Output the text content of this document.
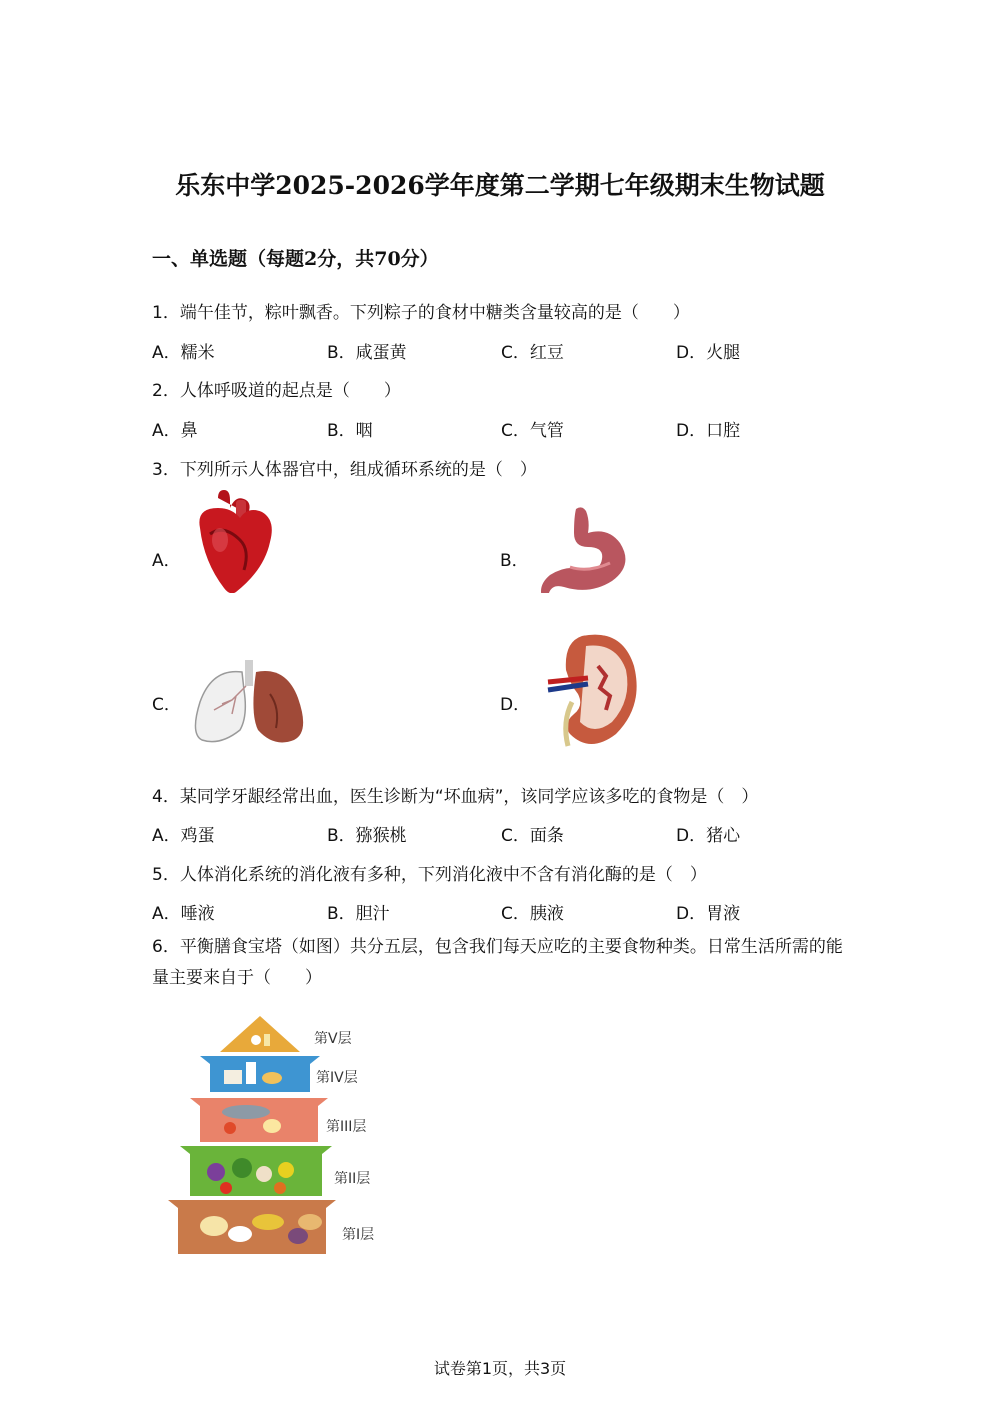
乐东中学2025-2026学年度第二学期七年级期末生物试题
一、单选题（每题2分，共70分）
1．端午佳节，粽叶飘香。下列粽子的食材中糖类含量较高的是（　　）
A．糯米	B．咸蛋黄	C．红豆	D．火腿
2．人体呼吸道的起点是（　　）
A．鼻	B．咽	C．气管	D．口腔
3．下列所示人体器官中，组成循环系统的是（　）
A．	B．
C．	D．
4．某同学牙龈经常出血，医生诊断为“坏血病”，该同学应该多吃的食物是（　）
A．鸡蛋	B．猕猴桃	C．面条	D．猪心
5．人体消化系统的消化液有多种，下列消化液中不含有消化酶的是（　）
A．唾液	B．胆汁	C．胰液	D．胃液
6．平衡膳食宝塔（如图）共分五层，包含我们每天应吃的主要食物种类。日常生活所需的能量主要来自于（　　）
第V层
第IV层
第III层
第II层
第I层
试卷第1页，共3页
